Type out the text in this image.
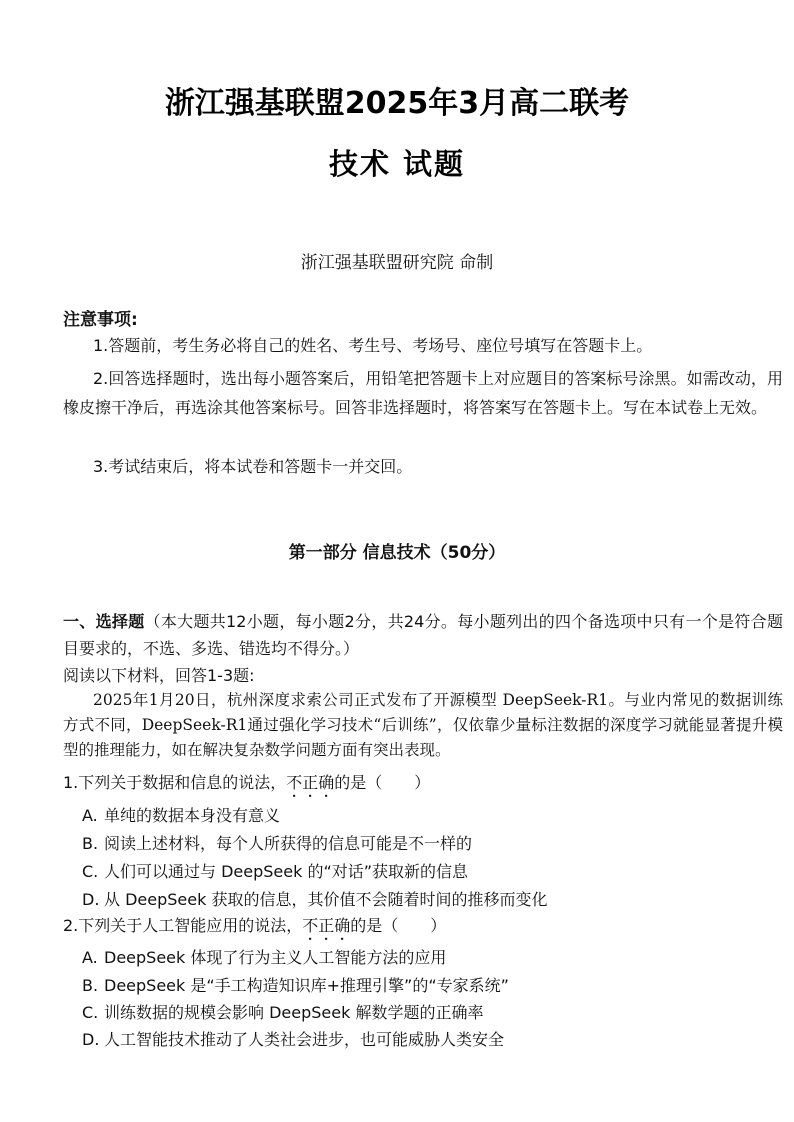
浙江强基联盟2025年3月高二联考
技术 试题
浙江强基联盟研究院 命制
注意事项:
1.答题前，考生务必将自己的姓名、考生号、考场号、座位号填写在答题卡上。
2.回答选择题时，选出每小题答案后，用铅笔把答题卡上对应题目的答案标号涂黑。如需改动，用橡皮擦干净后，再选涂其他答案标号。回答非选择题时，将答案写在答题卡上。写在本试卷上无效。
3.考试结束后，将本试卷和答题卡一并交回。
第一部分 信息技术（50分）
一、选择题（本大题共12小题，每小题2分，共24分。每小题列出的四个备选项中只有一个是符合题目要求的，不选、多选、错选均不得分。）
阅读以下材料，回答1-3题:
2025年1月20日，杭州深度求索公司正式发布了开源模型 DeepSeek-R1。与业内常见的数据训练方式不同，DeepSeek-R1通过强化学习技术“后训练”，仅依靠少量标注数据的深度学习就能显著提升模型的推理能力，如在解决复杂数学问题方面有突出表现。
1.下列关于数据和信息的说法，不正确的是（　　）
A. 单纯的数据本身没有意义
B. 阅读上述材料，每个人所获得的信息可能是不一样的
C. 人们可以通过与 DeepSeek 的“对话”获取新的信息
D. 从 DeepSeek 获取的信息，其价值不会随着时间的推移而变化
2.下列关于人工智能应用的说法，不正确的是（　　）
A. DeepSeek 体现了行为主义人工智能方法的应用
B. DeepSeek 是“手工构造知识库+推理引擎”的“专家系统”
C. 训练数据的规模会影响 DeepSeek 解数学题的正确率
D. 人工智能技术推动了人类社会进步，也可能威胁人类安全
